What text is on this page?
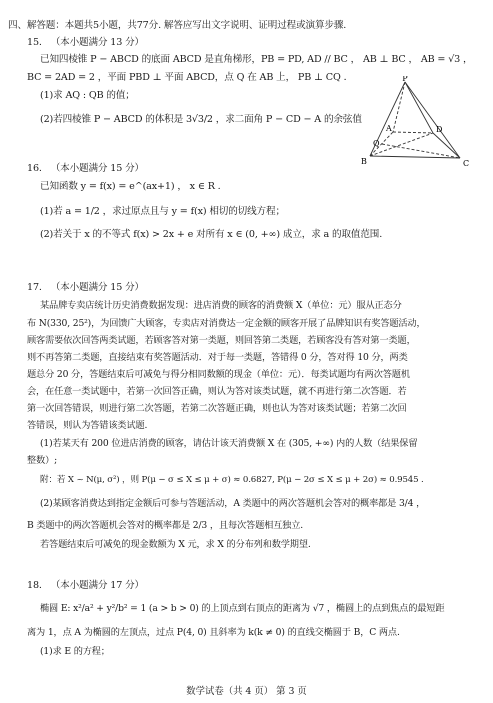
四、解答题：本题共5小题，共77分. 解答应写出文字说明、证明过程或演算步骤.
15. （本小题满分 13 分）
已知四棱锥 P − ABCD 的底面 ABCD 是直角梯形，PB = PD, AD // BC ， AB ⊥ BC ， AB = √3 ，
BC = 2AD = 2 ，平面 PBD ⊥ 平面 ABCD，点 Q 在 AB 上， PB ⊥ CQ ．
(1)求 AQ : QB 的值；
(2)若四棱锥 P − ABCD 的体积是 3√3/2 ，求二面角 P − CD − A 的余弦值
P
A	D
Q
B	C
16. （本小题满分 15 分）
已知函数 y = f(x) = e^(ax+1) ， x ∈ R .
(1)若 a = 1/2 ，求过原点且与 y = f(x) 相切的切线方程；
(2)若关于 x 的不等式 f(x) > 2x + e 对所有 x ∈ (0, +∞) 成立，求 a 的取值范围.
17. （本小题满分 15 分）
某品牌专卖店统计历史消费数据发现：进店消费的顾客的消费额 X（单位：元）服从正态分
布 N(330, 25²)，为回馈广大顾客，专卖店对消费达一定金额的顾客开展了品牌知识有奖答题活动，
顾客需要依次回答两类试题，若顾客答对第一类题，则回答第二类题，若顾客没有答对第一类题，
则不再答第二类题，直接结束有奖答题活动．对于每一类题，答错得 0 分，答对得 10 分，两类
题总分 20 分，答题结束后可减免与得分相同数额的现金（单位：元）．每类试题均有两次答题机
会，在任意一类试题中，若第一次回答正确，则认为答对该类试题，就不再进行第二次答题．若
第一次回答错误，则进行第二次答题，若第二次答题正确，则也认为答对该类试题；若第二次回
答错误，则认为答错该类试题.
(1)若某天有 200 位进店消费的顾客，请估计该天消费额 X 在 (305, +∞) 内的人数（结果保留
整数）;
附：若 X ~ N(μ, σ²) ，则 P(μ − σ ≤ X ≤ μ + σ) ≈ 0.6827, P(μ − 2σ ≤ X ≤ μ + 2σ) ≈ 0.9545 .
(2)某顾客消费达到指定金额后可参与答题活动，A 类题中的两次答题机会答对的概率都是 3/4 ，
B 类题中的两次答题机会答对的概率都是 2/3 ，且每次答题相互独立.
若答题结束后可减免的现金数额为 X 元，求 X 的分布列和数学期望.
18. （本小题满分 17 分）
椭圆 E: x²/a² + y²/b² = 1 (a > b > 0) 的上顶点到右顶点的距离为 √7 ，椭圆上的点到焦点的最短距
离为 1，点 A 为椭圆的左顶点，过点 P(4, 0) 且斜率为 k(k ≠ 0) 的直线交椭圆于 B，C 两点.
(1)求 E 的方程；
数学试卷（共 4 页） 第 3 页
